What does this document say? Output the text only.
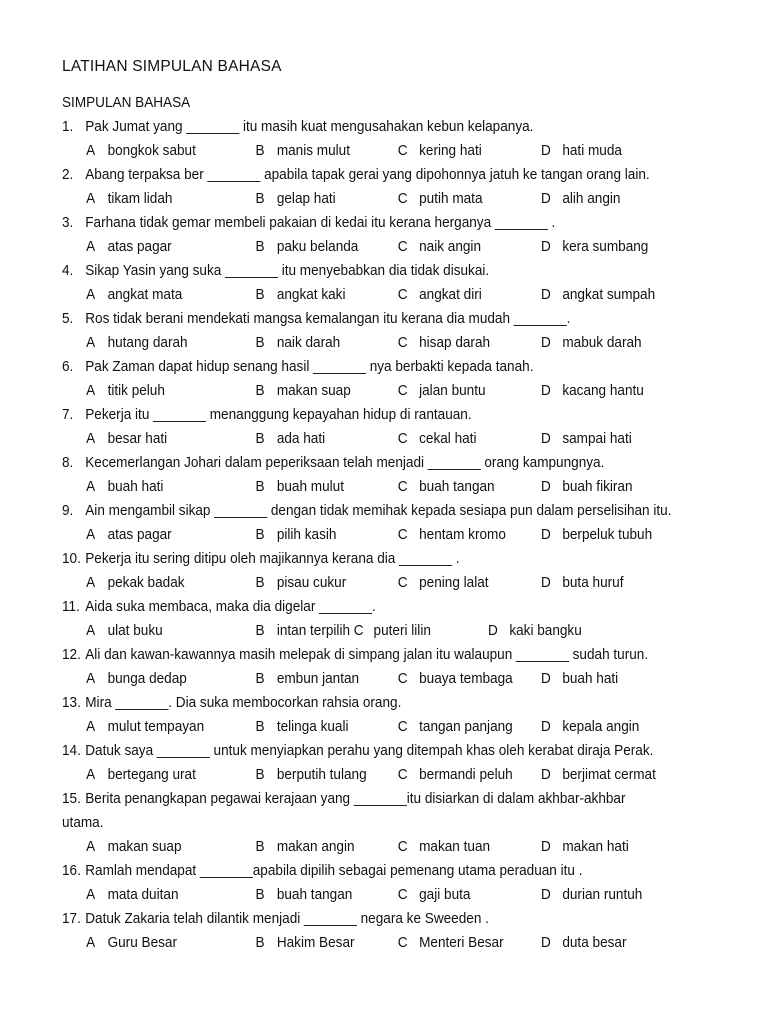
LATIHAN SIMPULAN BAHASA
SIMPULAN BAHASA
1. Pak Jumat yang _______ itu masih kuat mengusahakan kebun kelapanya.
A bongkok sabut	B manis mulut	C kering hati	D hati muda
2. Abang terpaksa ber _______ apabila tapak gerai yang dipohonnya jatuh ke tangan orang lain.
A tikam lidah	B gelap hati	C putih mata	D alih angin
3. Farhana tidak gemar membeli pakaian di kedai itu kerana herganya _______ .
A atas pagar	B paku belanda	C naik angin	D kera sumbang
4. Sikap Yasin yang suka _______ itu menyebabkan dia tidak disukai.
A angkat mata	B angkat kaki	C angkat diri	D angkat sumpah
5. Ros tidak berani mendekati mangsa kemalangan itu kerana dia mudah _______.
A hutang darah	B naik darah	C hisap darah	D mabuk darah
6. Pak Zaman dapat hidup senang hasil _______ nya berbakti kepada tanah.
A titik peluh	B makan suap	C jalan buntu	D kacang hantu
7. Pekerja itu _______ menanggung kepayahan hidup di rantauan.
A besar hati	B ada hati	C cekal hati	D sampai hati
8. Kecemerlangan Johari dalam peperiksaan telah menjadi _______ orang kampungnya.
A buah hati	B buah mulut	C buah tangan	D buah fikiran
9. Ain mengambil sikap _______ dengan tidak memihak kepada sesiapa pun dalam perselisihan itu.
A atas pagar	B pilih kasih	C hentam kromo D berpeluk tubuh
10. Pekerja itu sering ditipu oleh majikannya kerana dia _______ .
A pekak badak	B pisau cukur	C pening lalat	D buta huruf
11. Aida suka membaca, maka dia digelar _______.
A ulat buku	B intan terpilih C puteri lilin	D kaki bangku
12. Ali dan kawan-kawannya masih melepak di simpang jalan itu walaupun _______ sudah turun.
A bunga dedap	B embun jantan	C buaya tembaga D buah hati
13. Mira _______. Dia suka membocorkan rahsia orang.
A mulut tempayan	B telinga kuali	C tangan panjang D kepala angin
14. Datuk saya _______ untuk menyiapkan perahu yang ditempah khas oleh kerabat diraja Perak.
A bertegang urat	B berputih tulang C bermandi peluh D berjimat cermat
15. Berita penangkapan pegawai kerajaan yang _______itu disiarkan di dalam akhbar-akhbar
utama.
A makan suap	B makan angin	C makan tuan	D makan hati
16. Ramlah mendapat _______apabila dipilih sebagai pemenang utama peraduan itu .
A mata duitan	B buah tangan	C gaji buta	D durian runtuh
17. Datuk Zakaria telah dilantik menjadi _______ negara ke Sweeden .
A Guru Besar	B Hakim Besar	C Menteri Besar	D duta besar
